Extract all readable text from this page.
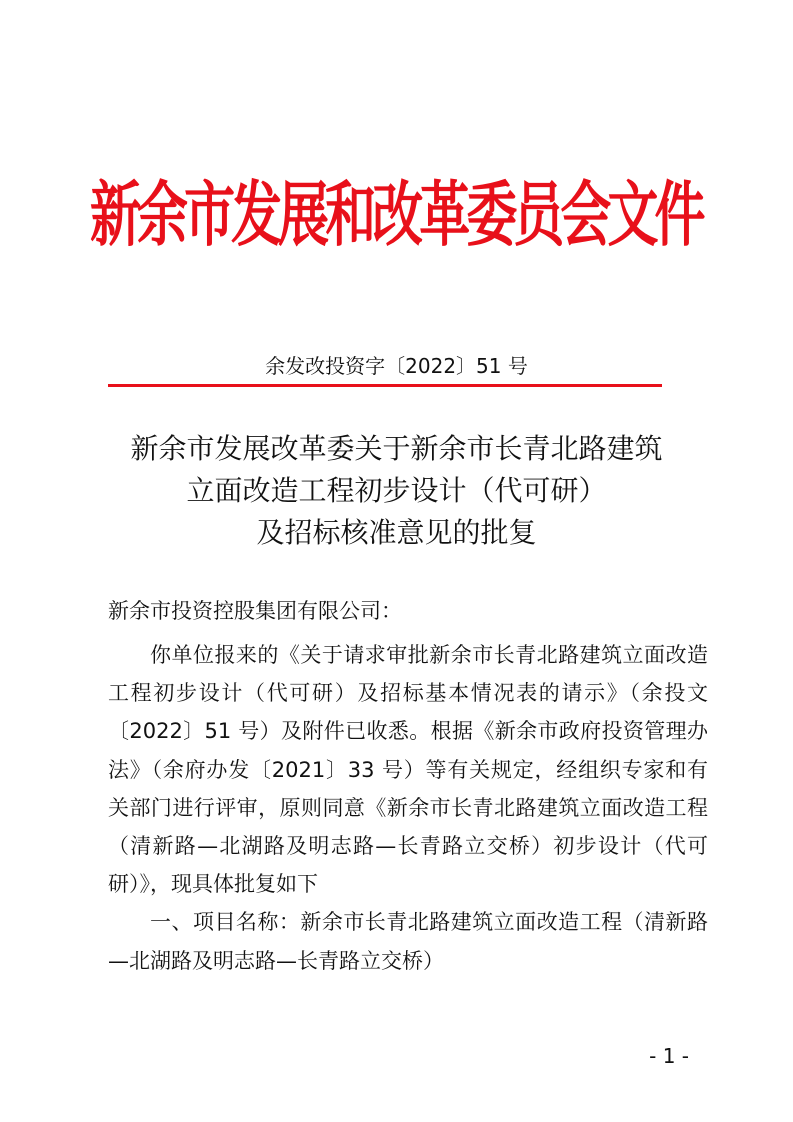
新余市发展和改革委员会文件
余发改投资字〔2022〕51 号
新余市发展改革委关于新余市长青北路建筑
立面改造工程初步设计（代可研）
及招标核准意见的批复
新余市投资控股集团有限公司：
你单位报来的《关于请求审批新余市长青北路建筑立面改造
工程初步设计（代可研）及招标基本情况表的请示》（余投文
〔2022〕51 号）及附件已收悉。根据《新余市政府投资管理办
法》（余府办发〔2021〕33 号）等有关规定，经组织专家和有
关部门进行评审，原则同意《新余市长青北路建筑立面改造工程
（清新路—北湖路及明志路—长青路立交桥）初步设计（代可
研）》，现具体批复如下
一、项目名称：新余市长青北路建筑立面改造工程（清新路
—北湖路及明志路—长青路立交桥）
- 1 -
